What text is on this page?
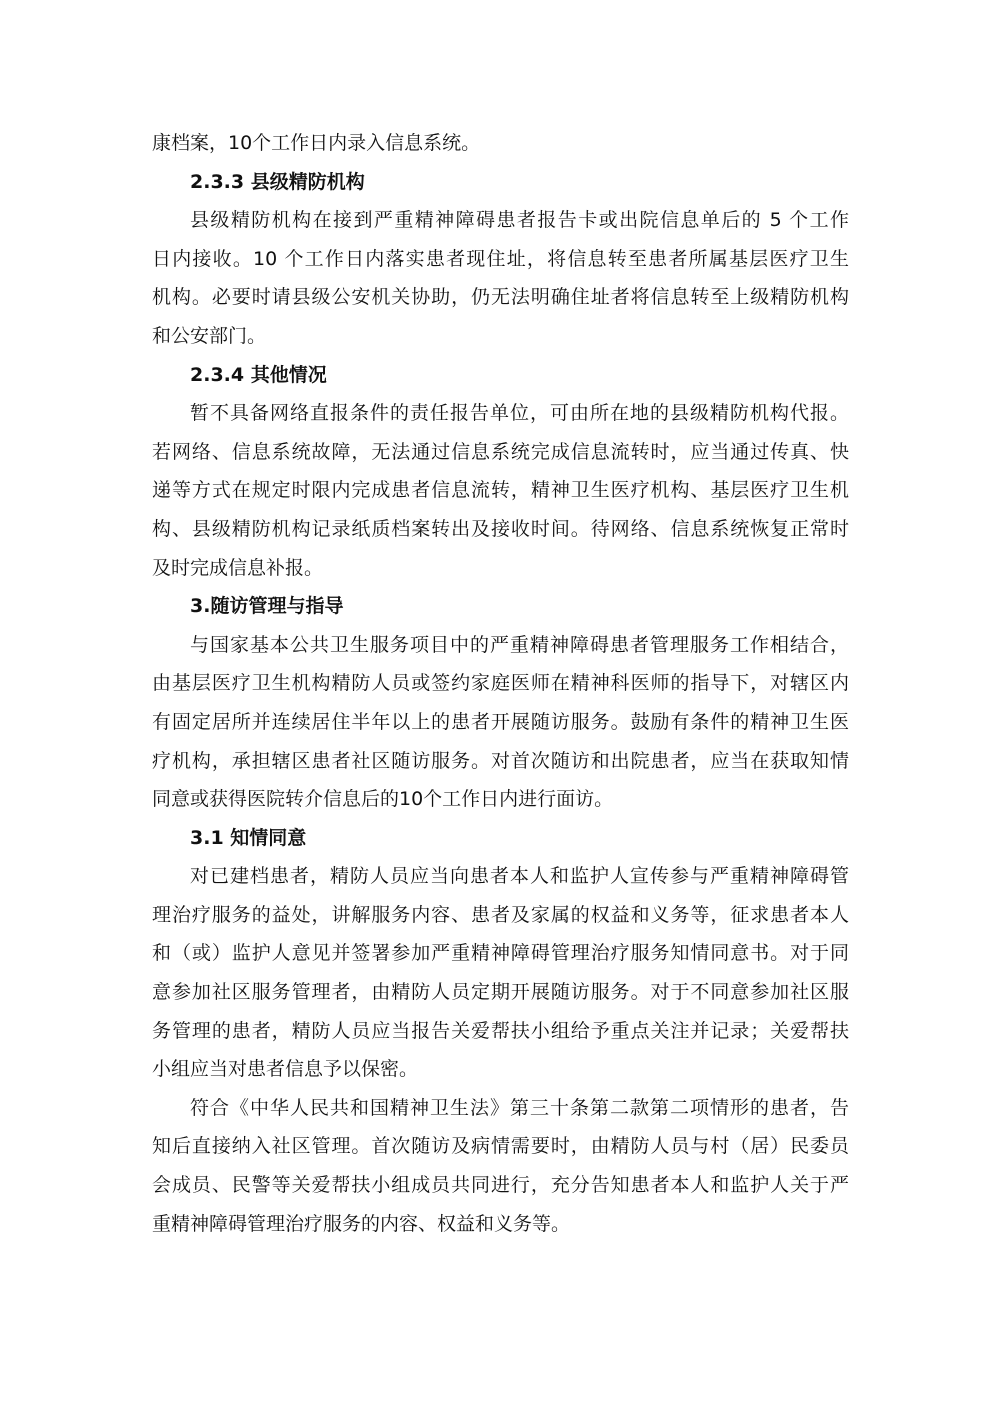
康档案，10个工作日内录入信息系统。
2.3.3 县级精防机构
县级精防机构在接到严重精神障碍患者报告卡或出院信息单后的 5 个工作
日内接收。10 个工作日内落实患者现住址，将信息转至患者所属基层医疗卫生
机构。必要时请县级公安机关协助，仍无法明确住址者将信息转至上级精防机构
和公安部门。
2.3.4 其他情况
暂不具备网络直报条件的责任报告单位，可由所在地的县级精防机构代报。
若网络、信息系统故障，无法通过信息系统完成信息流转时，应当通过传真、快
递等方式在规定时限内完成患者信息流转，精神卫生医疗机构、基层医疗卫生机
构、县级精防机构记录纸质档案转出及接收时间。待网络、信息系统恢复正常时
及时完成信息补报。
3.随访管理与指导
与国家基本公共卫生服务项目中的严重精神障碍患者管理服务工作相结合，
由基层医疗卫生机构精防人员或签约家庭医师在精神科医师的指导下，对辖区内
有固定居所并连续居住半年以上的患者开展随访服务。鼓励有条件的精神卫生医
疗机构，承担辖区患者社区随访服务。对首次随访和出院患者，应当在获取知情
同意或获得医院转介信息后的10个工作日内进行面访。
3.1 知情同意
对已建档患者，精防人员应当向患者本人和监护人宣传参与严重精神障碍管
理治疗服务的益处，讲解服务内容、患者及家属的权益和义务等，征求患者本人
和（或）监护人意见并签署参加严重精神障碍管理治疗服务知情同意书。对于同
意参加社区服务管理者，由精防人员定期开展随访服务。对于不同意参加社区服
务管理的患者，精防人员应当报告关爱帮扶小组给予重点关注并记录；关爱帮扶
小组应当对患者信息予以保密。
符合《中华人民共和国精神卫生法》第三十条第二款第二项情形的患者，告
知后直接纳入社区管理。首次随访及病情需要时，由精防人员与村（居）民委员
会成员、民警等关爱帮扶小组成员共同进行，充分告知患者本人和监护人关于严
重精神障碍管理治疗服务的内容、权益和义务等。
